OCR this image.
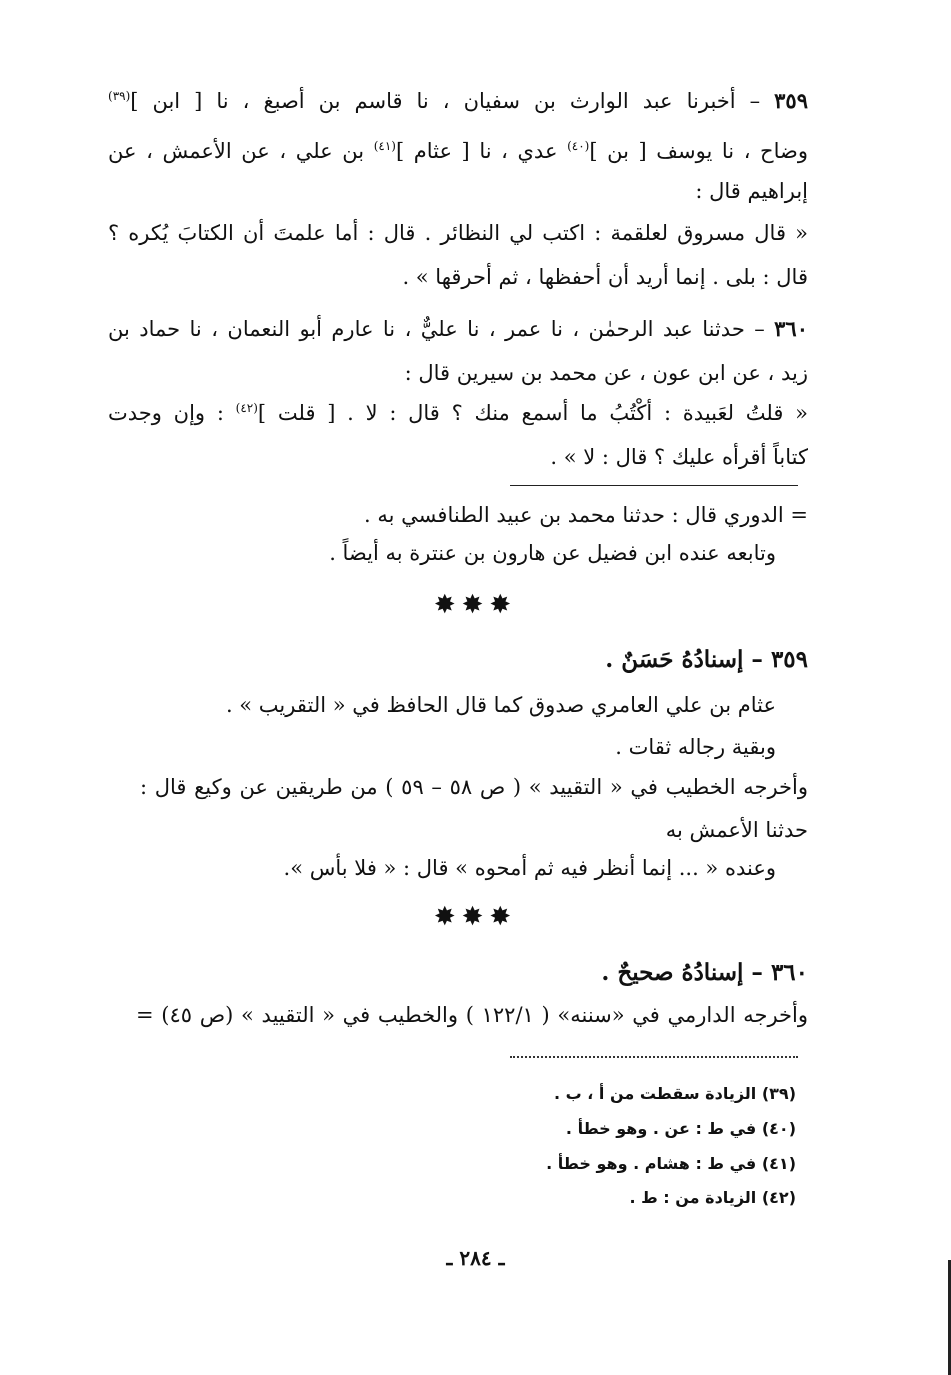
٣٥٩ – أخبرنا عبد الوارث بن سفيان ، نا قاسم بن أصبغ ، نا [ ابن ]$^{(٣٩)}$
وضاح ، نا يوسف [ بن ]$^{(٤٠)}$ عدي ، نا [ عثام ]$^{(٤١)}$ بن علي ، عن الأعمش ، عن
إبراهيم قال :
« قال مسروق لعلقمة : اكتب لي النظائر . قال : أما علمتَ أن الكتابَ يُكره ؟
قال : بلى . إنما أريد أن أحفظها ، ثم أحرقها » .
٣٦٠ – حدثنا عبد الرحمٰن ، نا عمر ، نا عليٌّ ، نا عارم أبو النعمان ، نا حماد بن
زيد ، عن ابن عون ، عن محمد بن سيرين قال :
« قلتُ لعَبيدة : أكْتُبُ ما أسمع منك ؟ قال : لا . [ قلت ]$^{(٤٢)}$ : وإن وجدت
كتاباً أقرأه عليك ؟ قال : لا » .
= الدوري قال : حدثنا محمد بن عبيد الطنافسي به .
وتابعه عنده ابن فضيل عن هارون بن عنترة به أيضاً .
✸✸✸
٣٥٩ – إسنادُهُ حَسَنٌ .
عثام بن علي العامري صدوق كما قال الحافظ في « التقريب » .
وبقية رجاله ثقات .
وأخرجه الخطيب في « التقييد » ( ص ٥٨ – ٥٩ ) من طريقين عن وكيع قال :
حدثنا الأعمش به
وعنده « ... إنما أنظر فيه ثم أمحوه » قال : « فلا بأس ».
✸✸✸
٣٦٠ – إسنادُهُ صحيحٌ .
وأخرجه الدارمي في «سننه» ( ١٢٢/١ ) والخطيب في « التقييد » (ص ٤٥) =
(٣٩) الزيادة سقطت من أ ، ب .
(٤٠) في ط : عن . وهو خطأ .
(٤١) في ط : هشام . وهو خطأ .
(٤٢) الزيادة من : ط .
ـ ٢٨٤ ـ
